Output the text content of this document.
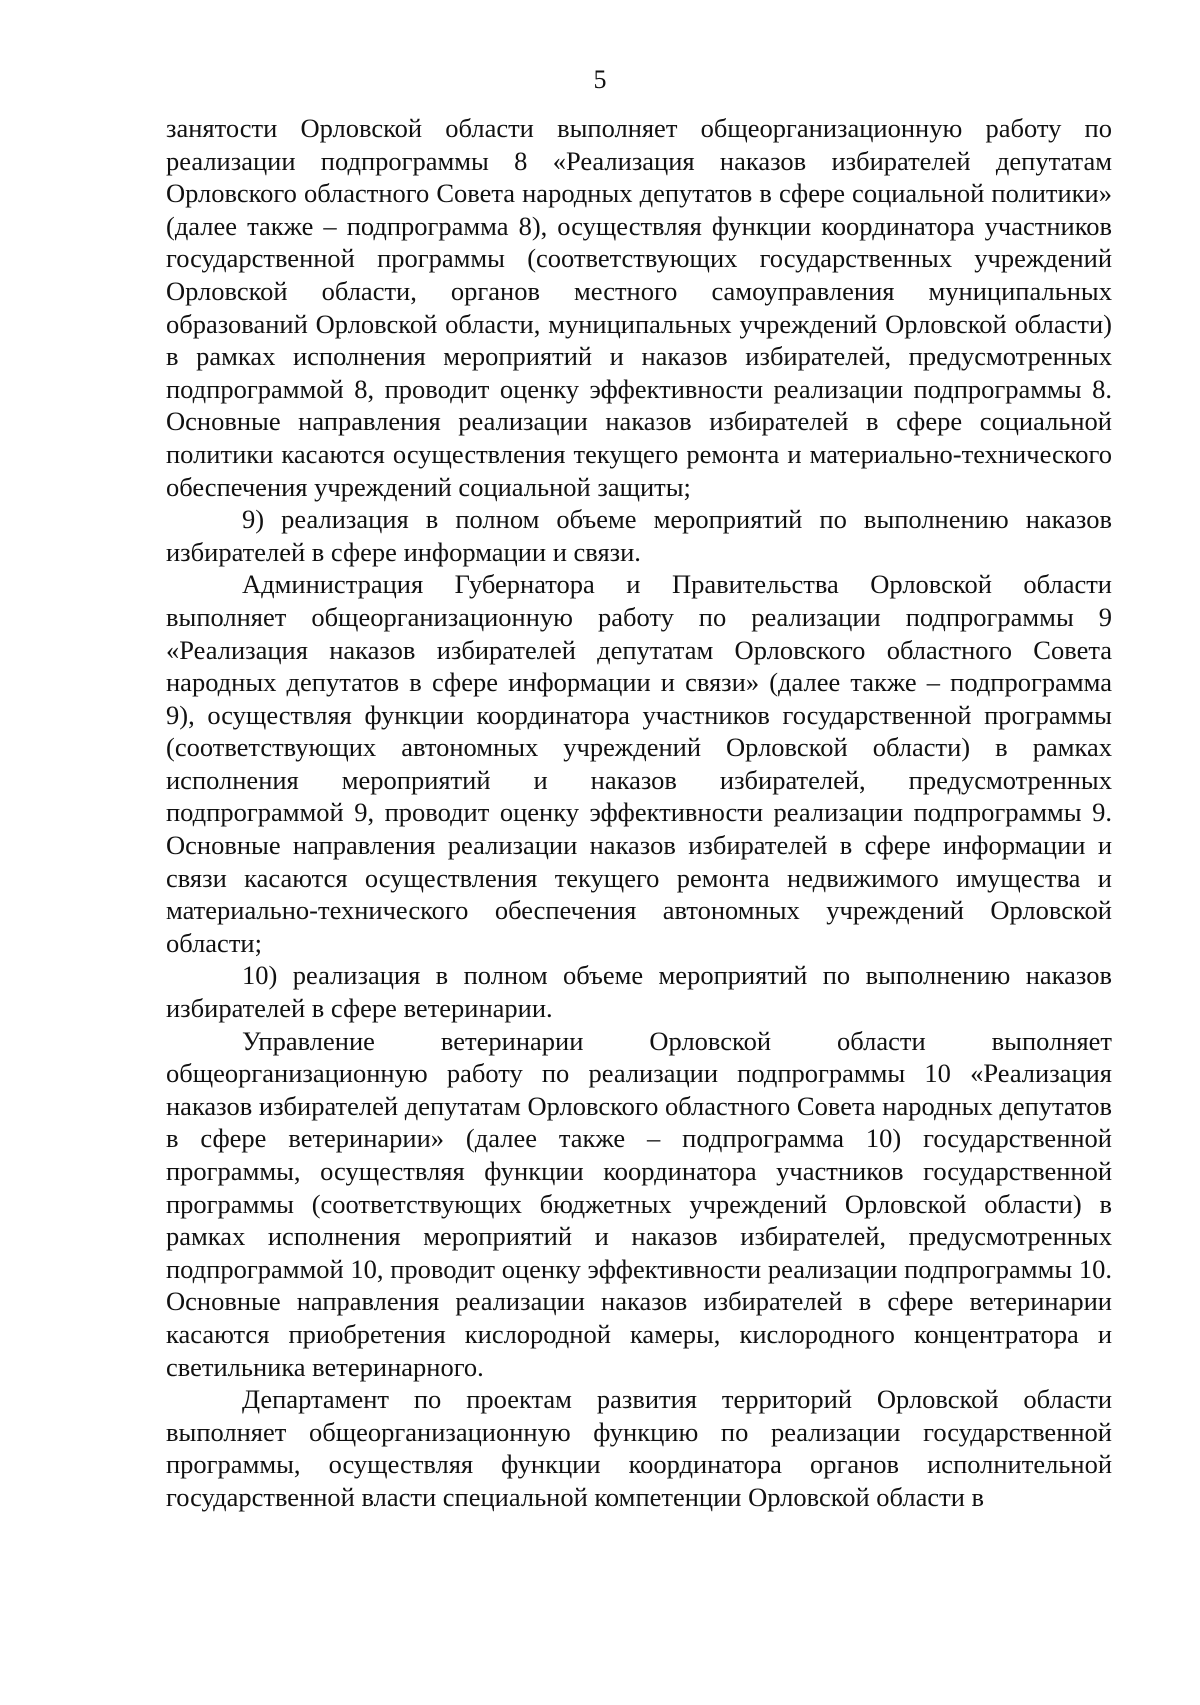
5

занятости Орловской области выполняет общеорганизационную работу по реализации подпрограммы 8 «Реализация наказов избирателей депутатам Орловского областного Совета народных депутатов в сфере социальной политики» (далее также – подпрограмма 8), осуществляя функции координатора участников государственной программы (соответствующих государственных учреждений Орловской области, органов местного самоуправления муниципальных образований Орловской области, муниципальных учреждений Орловской области) в рамках исполнения мероприятий и наказов избирателей, предусмотренных подпрограммой 8, проводит оценку эффективности реализации подпрограммы 8. Основные направления реализации наказов избирателей в сфере социальной политики касаются осуществления текущего ремонта и материально-технического обеспечения учреждений социальной защиты;

9) реализация в полном объеме мероприятий по выполнению наказов избирателей в сфере информации и связи.

Администрация Губернатора и Правительства Орловской области выполняет общеорганизационную работу по реализации подпрограммы 9 «Реализация наказов избирателей депутатам Орловского областного Совета народных депутатов в сфере информации и связи» (далее также – подпрограмма 9), осуществляя функции координатора участников государственной программы (соответствующих автономных учреждений Орловской области) в рамках исполнения мероприятий и наказов избирателей, предусмотренных подпрограммой 9, проводит оценку эффективности реализации подпрограммы 9. Основные направления реализации наказов избирателей в сфере информации и связи касаются осуществления текущего ремонта недвижимого имущества и материально-технического обеспечения автономных учреждений Орловской области;

10) реализация в полном объеме мероприятий по выполнению наказов избирателей в сфере ветеринарии.

Управление ветеринарии Орловской области выполняет общеорганизационную работу по реализации подпрограммы 10 «Реализация наказов избирателей депутатам Орловского областного Совета народных депутатов в сфере ветеринарии» (далее также – подпрограмма 10) государственной программы, осуществляя функции координатора участников государственной программы (соответствующих бюджетных учреждений Орловской области) в рамках исполнения мероприятий и наказов избирателей, предусмотренных подпрограммой 10, проводит оценку эффективности реализации подпрограммы 10. Основные направления реализации наказов избирателей в сфере ветеринарии касаются приобретения кислородной камеры, кислородного концентратора и светильника ветеринарного.

Департамент по проектам развития территорий Орловской области выполняет общеорганизационную функцию по реализации государственной программы, осуществляя функции координатора органов исполнительной государственной власти специальной компетенции Орловской области в
